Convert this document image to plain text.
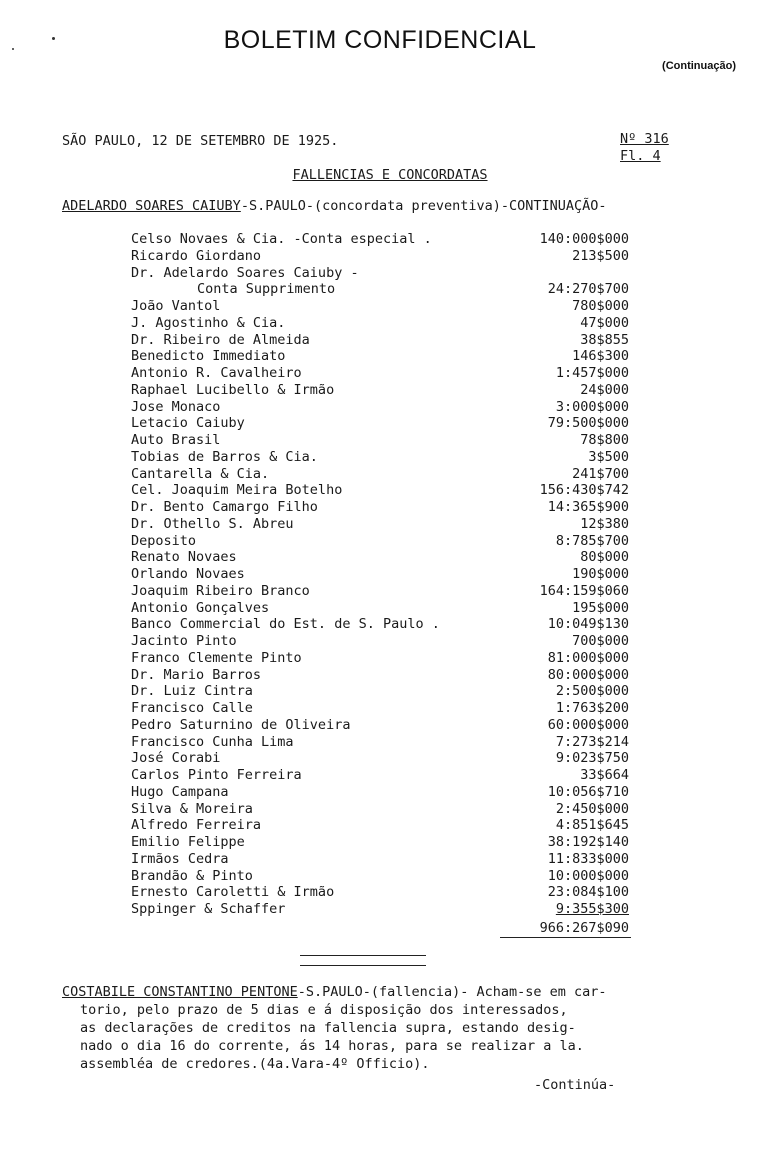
BOLETIM CONFIDENCIAL
(Continuação)
SÃO PAULO, 12 DE SETEMBRO DE 1925.	Nº 316
Fl. 4
FALLENCIAS E CONCORDATAS
ADELARDO SOARES CAIUBY-S.PAULO-(concordata preventiva)-CONTINUAÇÃO-
Celso Novaes & Cia. -Conta especial .	140:000$000
Ricardo Giordano	213$500
Dr. Adelardo Soares Caiuby -
Conta Supprimento	24:270$700
João Vantol	780$000
J. Agostinho & Cia.	47$000
Dr. Ribeiro de Almeida	38$855
Benedicto Immediato	146$300
Antonio R. Cavalheiro	1:457$000
Raphael Lucibello & Irmão	24$000
Jose Monaco	3:000$000
Letacio Caiuby	79:500$000
Auto Brasil	78$800
Tobias de Barros & Cia.	3$500
Cantarella & Cia.	241$700
Cel. Joaquim Meira Botelho	156:430$742
Dr. Bento Camargo Filho	14:365$900
Dr. Othello S. Abreu	12$380
Deposito	8:785$700
Renato Novaes	80$000
Orlando Novaes	190$000
Joaquim Ribeiro Branco	164:159$060
Antonio Gonçalves	195$000
Banco Commercial do Est. de S. Paulo .	10:049$130
Jacinto Pinto	700$000
Franco Clemente Pinto	81:000$000
Dr. Mario Barros	80:000$000
Dr. Luiz Cintra	2:500$000
Francisco Calle	1:763$200
Pedro Saturnino de Oliveira	60:000$000
Francisco Cunha Lima	7:273$214
José Corabi	9:023$750
Carlos Pinto Ferreira	33$664
Hugo Campana	10:056$710
Silva & Moreira	2:450$000
Alfredo Ferreira	4:851$645
Emilio Felippe	38:192$140
Irmãos Cedra	11:833$000
Brandão & Pinto	10:000$000
Ernesto Caroletti & Irmão	23:084$100
Sppinger & Schaffer	9:355$300
966:267$090
COSTABILE CONSTANTINO PENTONE-S.PAULO-(fallencia)- Acham-se em car-
torio, pelo prazo de 5 dias e á disposição dos interessados,
as declarações de creditos na fallencia supra, estando desig-
nado o dia 16 do corrente, ás 14 horas, para se realizar a la.
assembléa de credores.(4a.Vara-4º Officio).
-Continúa-
